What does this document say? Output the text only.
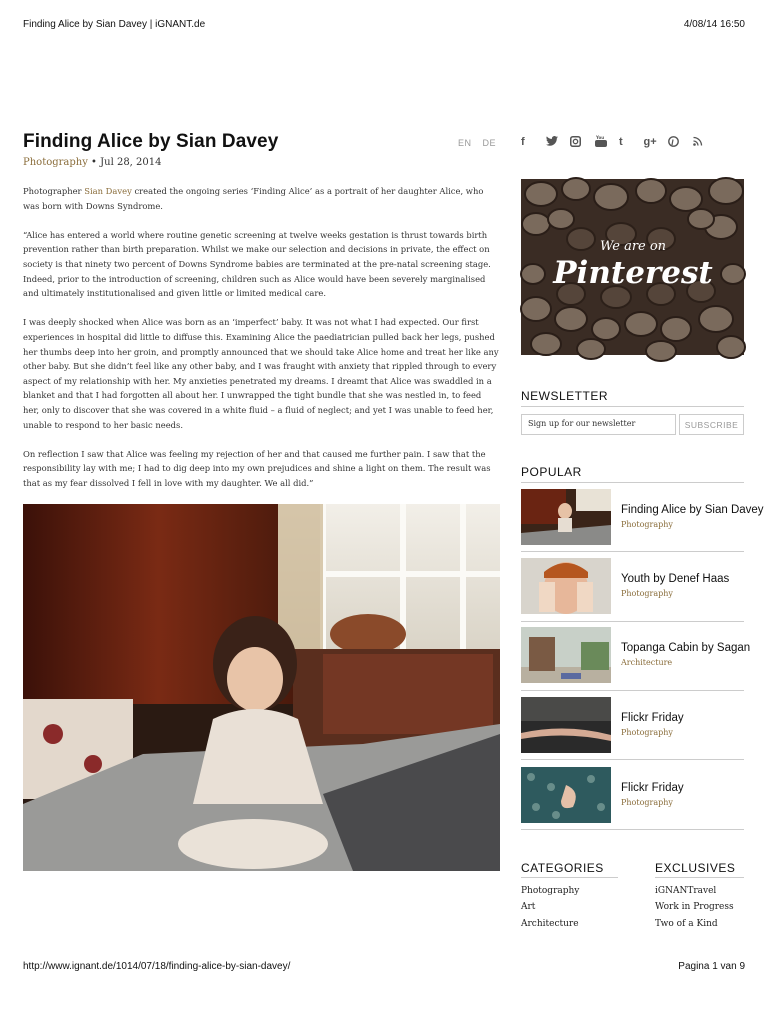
Finding Alice by Sian Davey | iGNANT.de	4/08/14 16:50
Finding Alice by Sian Davey	EN DE
Photography • Jul 28, 2014

Photographer Sian Davey created the ongoing series ‘Finding Alice’ as a portrait of her daughter Alice, who was born with Downs Syndrome.

“Alice has entered a world where routine genetic screening at twelve weeks gestation is thrust towards birth prevention rather than birth preparation. Whilst we make our selection and decisions in private, the effect on society is that ninety two percent of Downs Syndrome babies are terminated at the pre-natal screening stage. Indeed, prior to the introduction of screening, children such as Alice would have been severely marginalised and ultimately institutionalised and given little or limited medical care.

I was deeply shocked when Alice was born as an ‘imperfect’ baby. It was not what I had expected. Our first experiences in hospital did little to diffuse this. Examining Alice the paediatrician pulled back her legs, pushed her thumbs deep into her groin, and promptly announced that we should take Alice home and treat her like any other baby. But she didn’t feel like any other baby, and I was fraught with anxiety that rippled through to every aspect of my relationship with her. My anxieties penetrated my dreams. I dreamt that Alice was swaddled in a blanket and that I had forgotten all about her. I unwrapped the tight bundle that she was nestled in, to feed her, only to discover that she was covered in a white fluid – a fluid of neglect; and yet I was unable to feed her, unable to respond to her basic needs.

On reflection I saw that Alice was feeling my rejection of her and that caused me further pain. I saw that the responsibility lay with me; I had to dig deep into my own prejudices and shine a light on them. The result was that as my fear dissolved I fell in love with my daughter. We all did.”

f	You t	g+
We are on
Pinterest
NEWSLETTER
Sign up for our newsletter	SUBSCRIBE
POPULAR
Finding Alice by Sian Davey
Photography
Youth by Denef Haas
Photography
Topanga Cabin by Sagan
Architecture
Flickr Friday
Photography
Flickr Friday
Photography
CATEGORIES
Photography
Art
Architecture
EXCLUSIVES
iGNANTravel
Work in Progress
Two of a Kind
http://www.ignant.de/1014/07/18/finding-alice-by-sian-davey/	Pagina 1 van 9
